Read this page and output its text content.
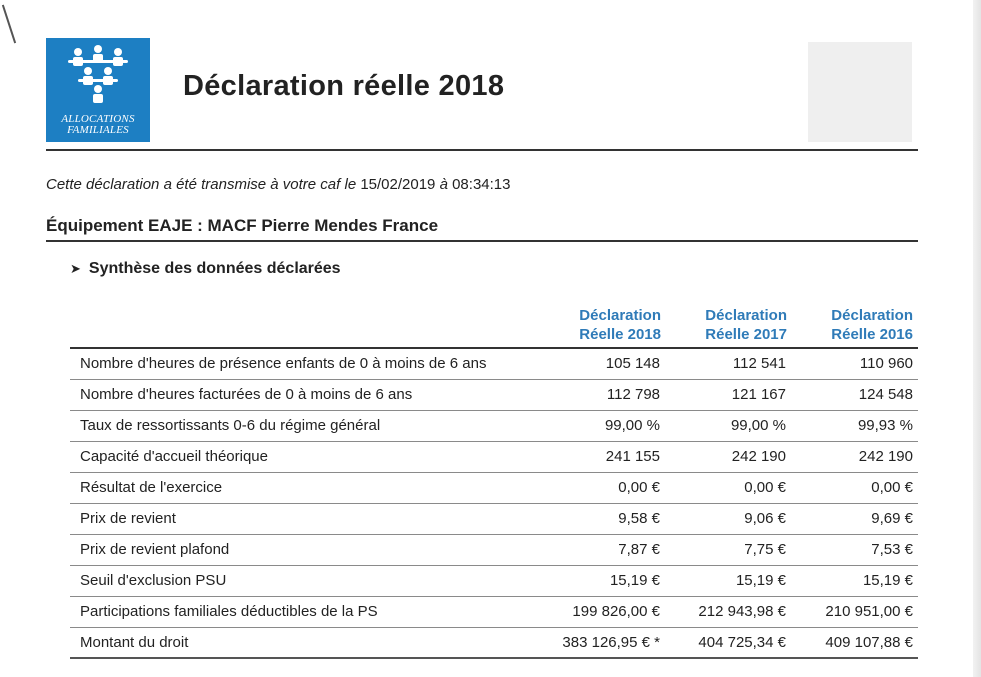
ALLOCATIONS
FAMILIALES
Déclaration réelle 2018
Cette déclaration a été transmise à votre caf le 15/02/2019 à 08:34:13
Équipement EAJE : MACF Pierre Mendes France
➤ Synthèse des données déclarées
Déclaration
Réelle 2018
Déclaration
Réelle 2017
Déclaration
Réelle 2016
Nombre d'heures de présence enfants de 0 à moins de 6 ans	105 148	112 541	110 960
Nombre d'heures facturées de 0 à moins de 6 ans	112 798	121 167	124 548
Taux de ressortissants 0-6 du régime général	99,00 %	99,00 %	99,93 %
Capacité d'accueil théorique	241 155	242 190	242 190
Résultat de l'exercice	0,00 €	0,00 €	0,00 €
Prix de revient	9,58 €	9,06 €	9,69 €
Prix de revient plafond	7,87 €	7,75 €	7,53 €
Seuil d'exclusion PSU	15,19 €	15,19 €	15,19 €
Participations familiales déductibles de la PS	199 826,00 €	212 943,98 €	210 951,00 €
Montant du droit	383 126,95 € *	404 725,34 €	409 107,88 €
